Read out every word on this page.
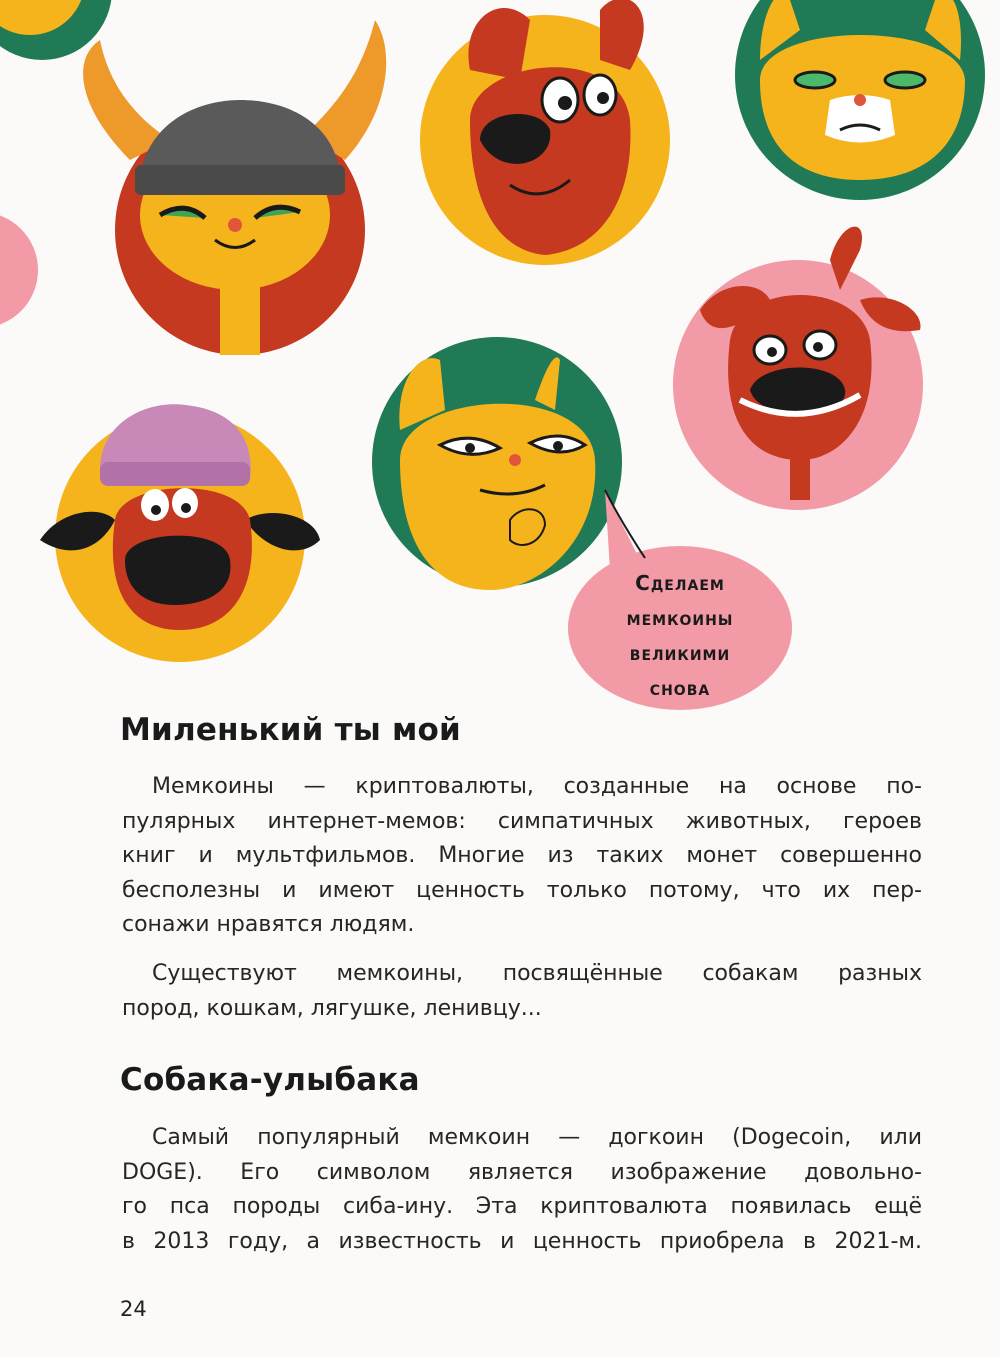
Сделаем
мемкоины
великими
снова
Миленький ты мой
Мемкоины — криптовалюты, созданные на основе по-
пулярных интернет-мемов: симпатичных животных, героев
книг и мультфильмов. Многие из таких монет совершенно
бесполезны и имеют ценность только потому, что их пер-
сонажи нравятся людям.
Существуют мемкоины, посвящённые собакам разных
пород, кошкам, лягушке, ленивцу...
Собака-улыбака
Самый популярный мемкоин — догкоин (Dogecoin, или
DOGE). Его символом является изображение довольно-
го пса породы сиба-ину. Эта криптовалюта появилась ещё
в 2013 году, а известность и ценность приобрела в 2021-м.
24
